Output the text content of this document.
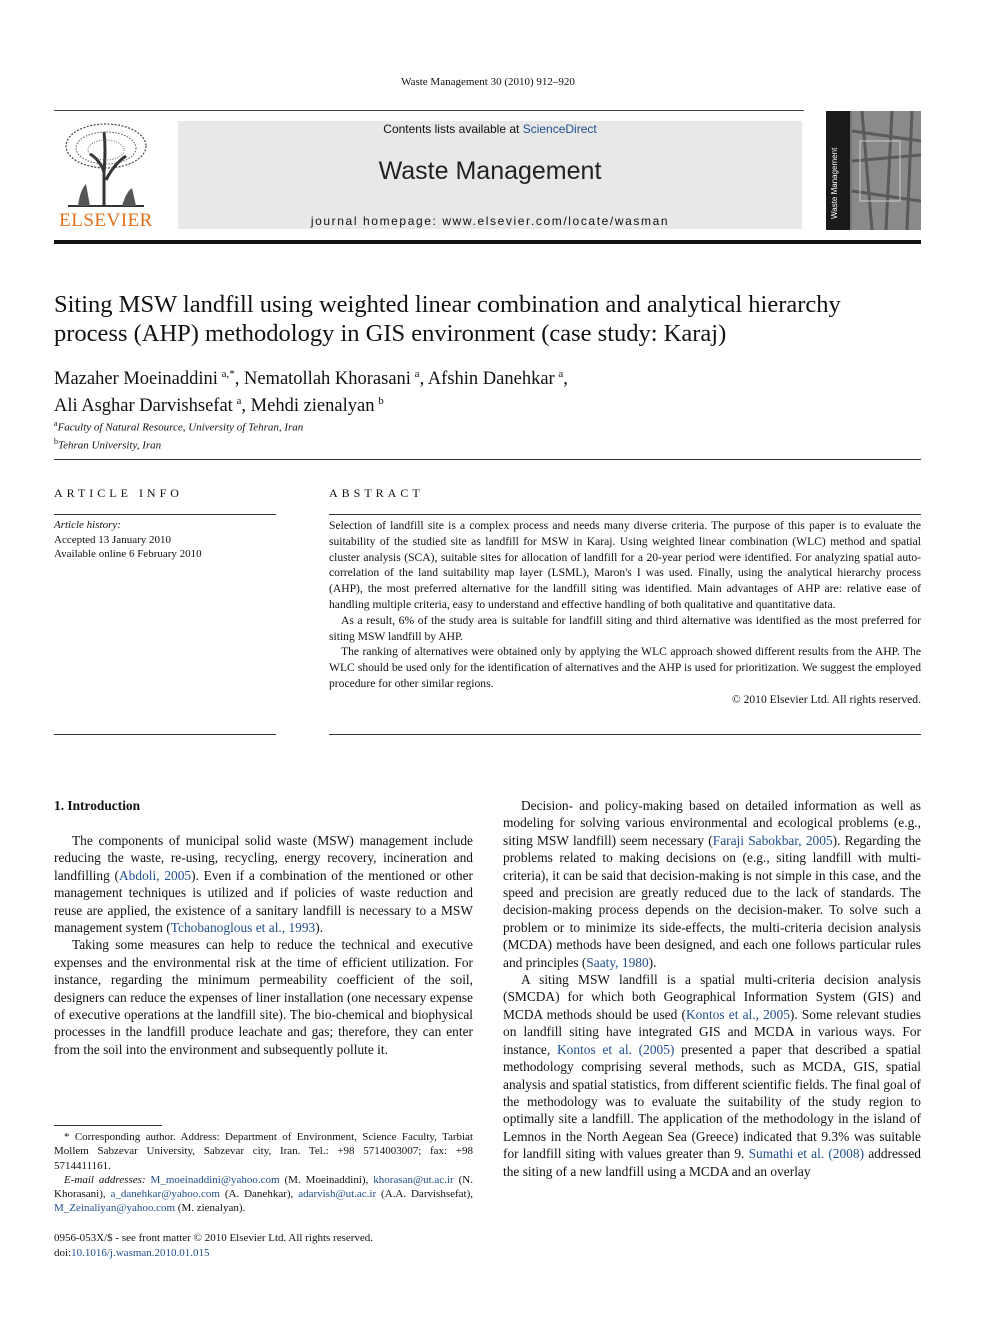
Waste Management 30 (2010) 912–920
ELSEVIER
Contents lists available at ScienceDirect
Waste Management
journal homepage: www.elsevier.com/locate/wasman
Waste Management
Siting MSW landfill using weighted linear combination and analytical hierarchy process (AHP) methodology in GIS environment (case study: Karaj)
Mazaher Moeinaddini  $^{a,*}$, Nematollah Khorasani  $^a$, Afshin Danehkar  $^a$,
Ali Asghar Darvishsefat  $^a$, Mehdi zienalyan  $^b$
$^a$Faculty of Natural Resource, University of Tehran, Iran
$^b$Tehran University, Iran
ARTICLE INFO	ABSTRACT
Article history:
Accepted 13 January 2010
Available online 6 February 2010

Selection of landfill site is a complex process and needs many diverse criteria. The purpose of this paper is to evaluate the suitability of the studied site as landfill for MSW in Karaj. Using weighted linear combination (WLC) method and spatial cluster analysis (SCA), suitable sites for allocation of landfill for a 20-year period were identified. For analyzing spatial auto-correlation of the land suitability map layer (LSML), Maron's I was used. Finally, using the analytical hierarchy process (AHP), the most preferred alternative for the landfill siting was identified. Main advantages of AHP are: relative ease of handling multiple criteria, easy to understand and effective handling of both qualitative and quantitative data.

As a result, 6% of the study area is suitable for landfill siting and third alternative was identified as the most preferred for siting MSW landfill by AHP.

The ranking of alternatives were obtained only by applying the WLC approach showed different results from the AHP. The WLC should be used only for the identification of alternatives and the AHP is used for prioritization. We suggest the employed procedure for other similar regions.

© 2010 Elsevier Ltd. All rights reserved.
1. Introduction

The components of municipal solid waste (MSW) management include reducing the waste, re-using, recycling, energy recovery, incineration and landfilling (Abdoli, 2005). Even if a combination of the mentioned or other management techniques is utilized and if policies of waste reduction and reuse are applied, the existence of a sanitary landfill is necessary to a MSW management system (Tchobanoglous et al., 1993).

Taking some measures can help to reduce the technical and executive expenses and the environmental risk at the time of efficient utilization. For instance, regarding the minimum permeability coefficient of the soil, designers can reduce the expenses of liner installation (one necessary expense of executive operations at the landfill site). The bio-chemical and biophysical processes in the landfill produce leachate and gas; therefore, they can enter from the soil into the environment and subsequently pollute it.

Decision- and policy-making based on detailed information as well as modeling for solving various environmental and ecological problems (e.g., siting MSW landfill) seem necessary (Faraji Sabokbar, 2005). Regarding the problems related to making decisions on (e.g., siting landfill with multi-criteria), it can be said that decision-making is not simple in this case, and the speed and precision are greatly reduced due to the lack of standards. The decision-making process depends on the decision-maker. To solve such a problem or to minimize its side-effects, the multi-criteria decision analysis (MCDA) methods have been designed, and each one follows particular rules and principles (Saaty, 1980).

A siting MSW landfill is a spatial multi-criteria decision analysis (SMCDA) for which both Geographical Information System (GIS) and MCDA methods should be used (Kontos et al., 2005). Some relevant studies on landfill siting have integrated GIS and MCDA in various ways. For instance, Kontos et al. (2005) presented a paper that described a spatial methodology comprising several methods, such as MCDA, GIS, spatial analysis and spatial statistics, from different scientific fields. The final goal of the methodology was to evaluate the suitability of the study region to optimally site a landfill. The application of the methodology in the island of Lemnos in the North Aegean Sea (Greece) indicated that 9.3% was suitable for landfill siting with values greater than 9. Sumathi et al. (2008) addressed the siting of a new landfill using a MCDA and an overlay

* Corresponding author. Address: Department of Environment, Science Faculty, Tarbiat Mollem Sabzevar University, Sabzevar city, Iran. Tel.: +98 5714003007; fax: +98 5714411161.

E-mail addresses: M_moeinaddini@yahoo.com (M. Moeinaddini), khorasan@ut.ac.ir (N. Khorasani), a_danehkar@yahoo.com (A. Danehkar), adarvish@ut.ac.ir (A.A. Darvishsefat), M_Zeinaliyan@yahoo.com (M. zienalyan).

0956-053X/$ - see front matter © 2010 Elsevier Ltd. All rights reserved.
doi:10.1016/j.wasman.2010.01.015
